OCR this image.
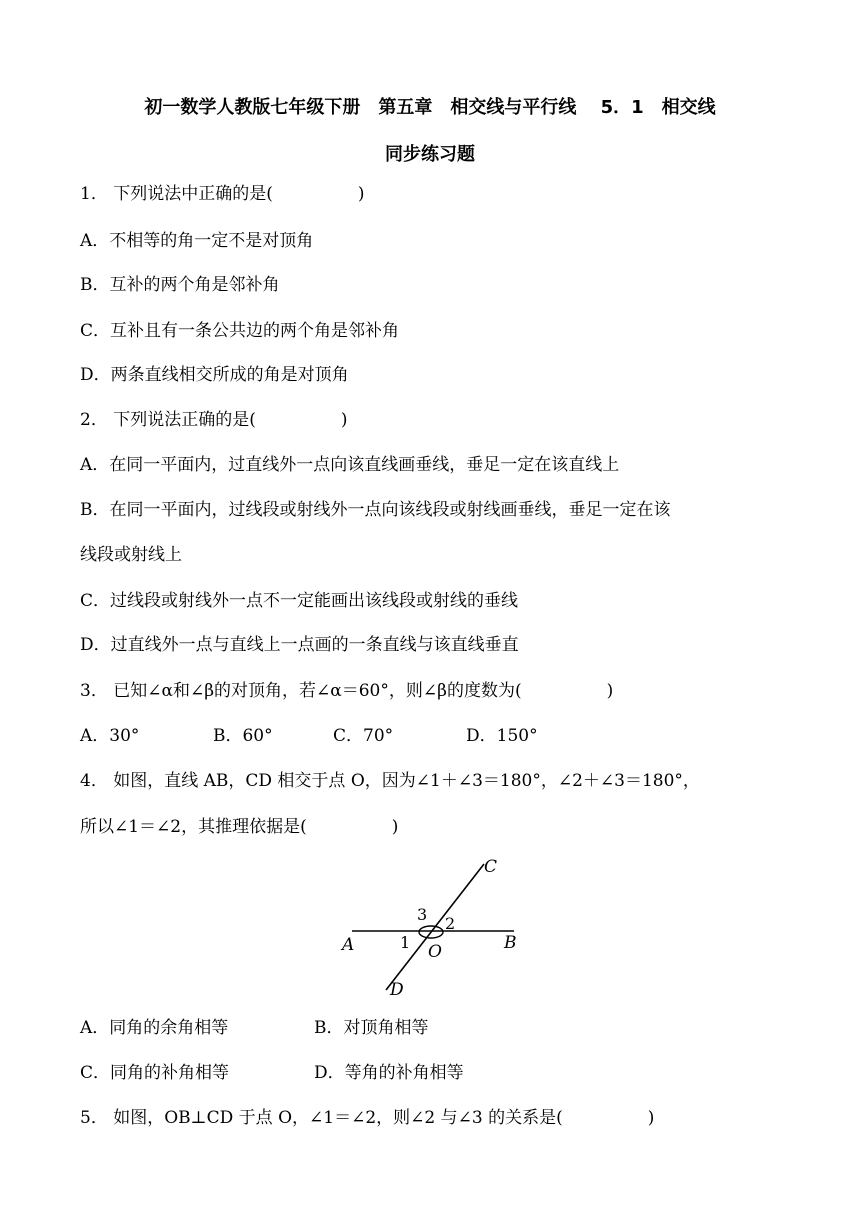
初一数学人教版七年级下册　第五章　相交线与平行线　 5．1　相交线
同步练习题
1． 下列说法中正确的是(　　　　　)
A．不相等的角一定不是对顶角
B．互补的两个角是邻补角
C．互补且有一条公共边的两个角是邻补角
D．两条直线相交所成的角是对顶角
2． 下列说法正确的是(　　　　　)
A．在同一平面内，过直线外一点向该直线画垂线，垂足一定在该直线上
B．在同一平面内，过线段或射线外一点向该线段或射线画垂线，垂足一定在该
线段或射线上
C．过线段或射线外一点不一定能画出该线段或射线的垂线
D．过直线外一点与直线上一点画的一条直线与该直线垂直
3． 已知∠α和∠β的对顶角，若∠α＝60°，则∠β的度数为(　　　　　)
A．30°	B．60°	C．70°	D．150°
4． 如图，直线 AB，CD 相交于点 O，因为∠1＋∠3＝180°，∠2＋∠3＝180°，
所以∠1＝∠2，其推理依据是(　　　　　)
C
A	B
D
O
1
2
3
A．同角的余角相等	B．对顶角相等
C．同角的补角相等	D．等角的补角相等
5． 如图，OB⊥CD 于点 O，∠1＝∠2，则∠2 与∠3 的关系是(　　　　　)
